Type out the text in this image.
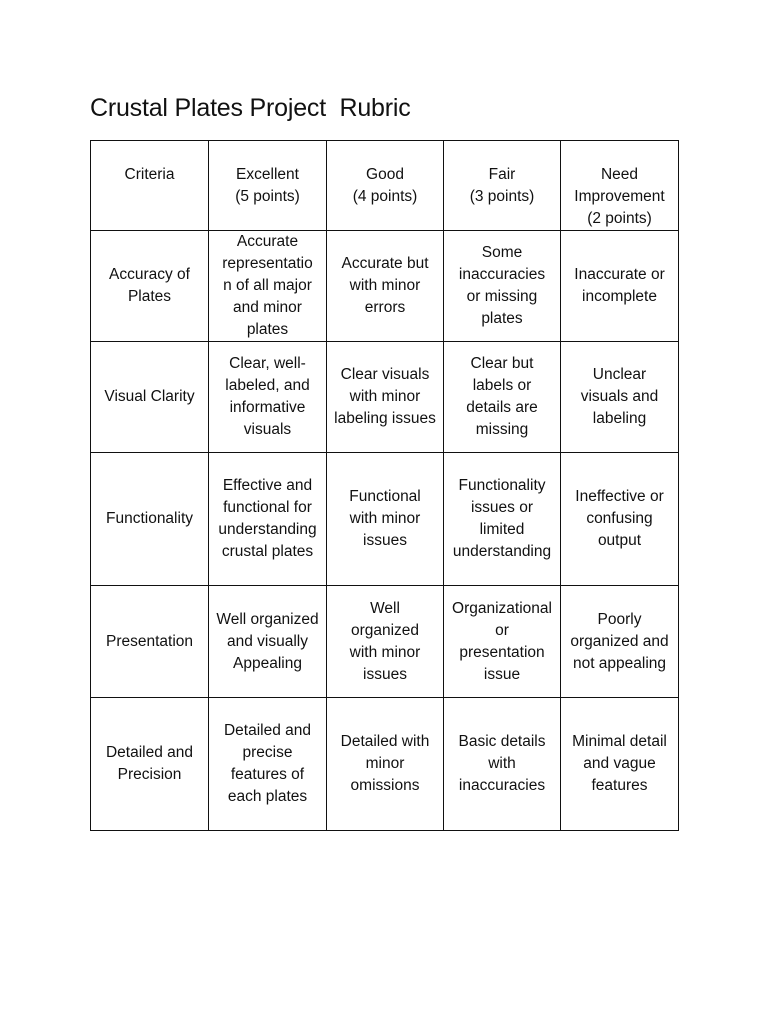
Crustal Plates Project  Rubric
Criteria	Excellent
(5 points)	Good
(4 points)	Fair
(3 points)	Need
Improvement
(2 points)

Accuracy of
Plates	Accurate
representatio
n of all major
and minor
plates	Accurate but
with minor
errors	Some
inaccuracies
or missing
plates	Inaccurate or
incomplete

Visual Clarity	Clear, well-
labeled, and
informative
visuals	Clear visuals
with minor
labeling issues	Clear but
labels or
details are
missing	Unclear
visuals and
labeling

Functionality	Effective and
functional for
understanding
crustal plates	Functional
with minor
issues	Functionality
issues or
limited
understanding	Ineffective or
confusing
output

Presentation	Well organized
and visually
Appealing	Well
organized
with minor
issues	Organizational
or
presentation
issue	Poorly
organized and
not appealing

Detailed and
Precision	Detailed and
precise
features of
each plates	Detailed with
minor
omissions	Basic details
with
inaccuracies	Minimal detail
and vague
features
